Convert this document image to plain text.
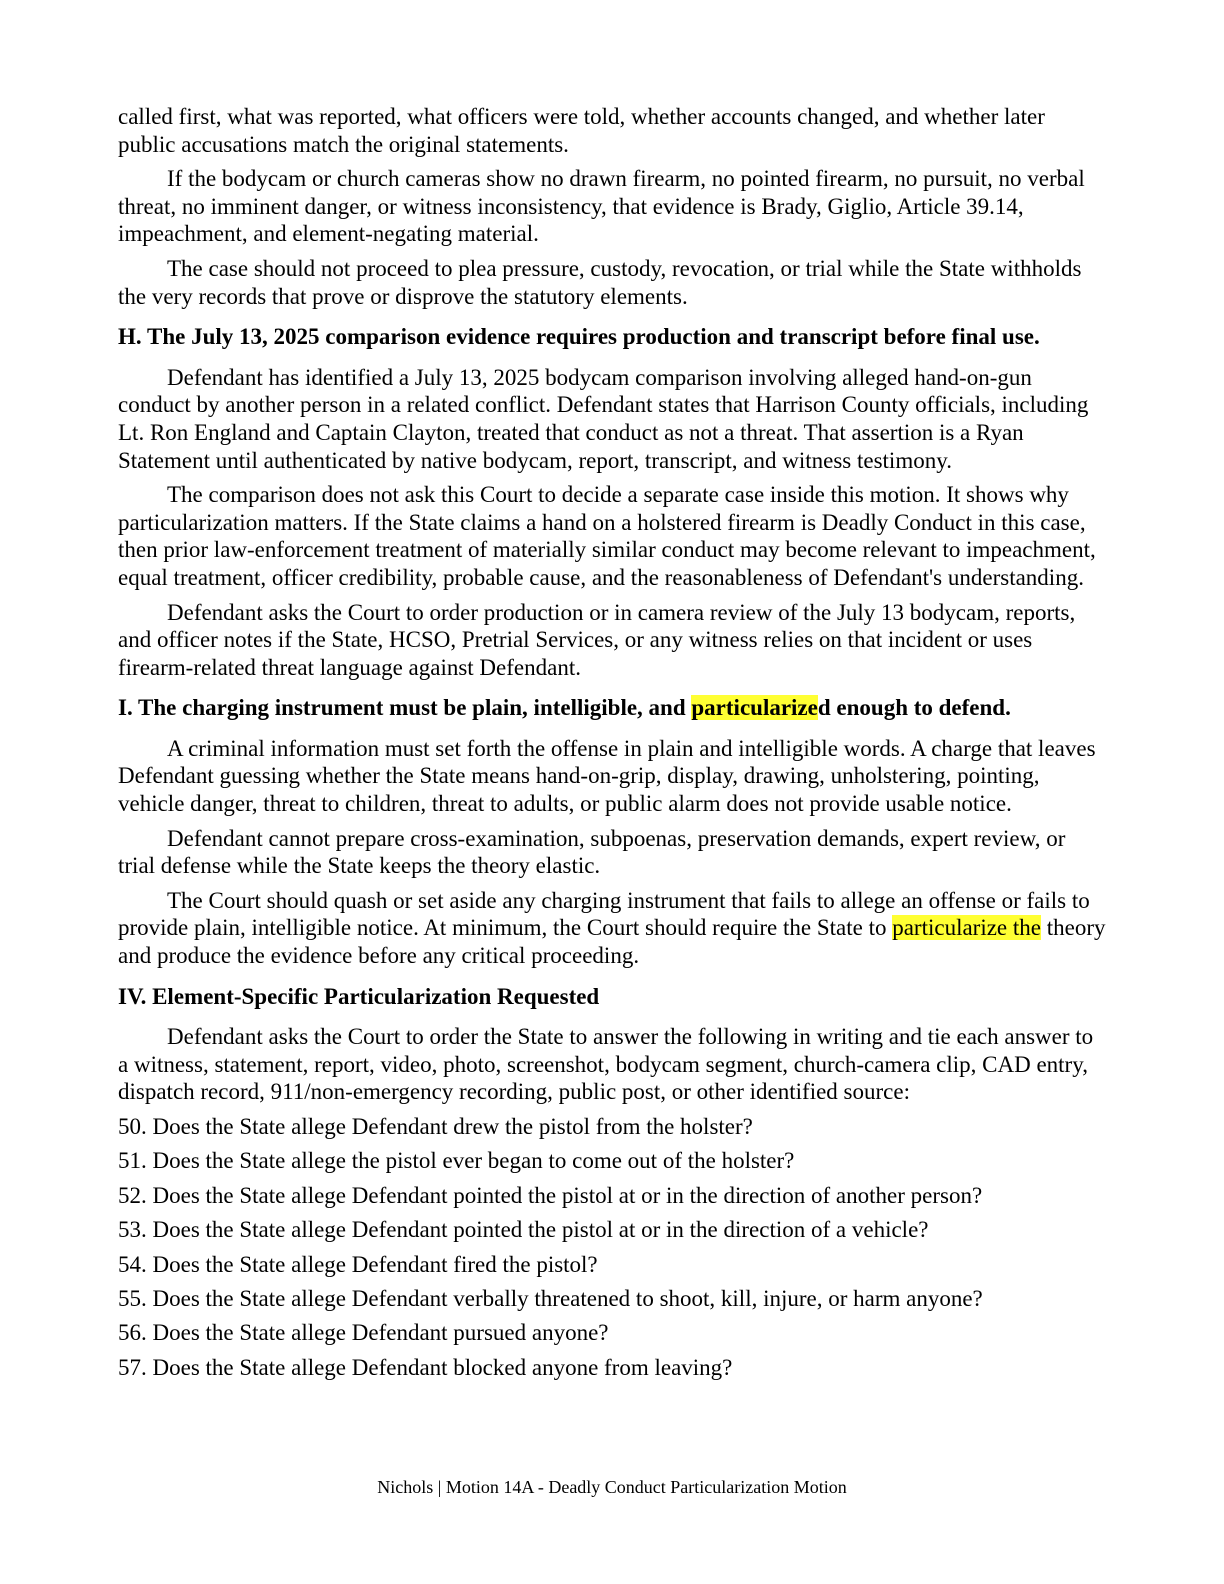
called first, what was reported, what officers were told, whether accounts changed, and whether later public accusations match the original statements.

If the bodycam or church cameras show no drawn firearm, no pointed firearm, no pursuit, no verbal threat, no imminent danger, or witness inconsistency, that evidence is Brady, Giglio, Article 39.14, impeachment, and element-negating material.

The case should not proceed to plea pressure, custody, revocation, or trial while the State withholds the very records that prove or disprove the statutory elements.

H. The July 13, 2025 comparison evidence requires production and transcript before final use.

Defendant has identified a July 13, 2025 bodycam comparison involving alleged hand-on-gun conduct by another person in a related conflict. Defendant states that Harrison County officials, including Lt. Ron England and Captain Clayton, treated that conduct as not a threat. That assertion is a Ryan Statement until authenticated by native bodycam, report, transcript, and witness testimony.

The comparison does not ask this Court to decide a separate case inside this motion. It shows why particularization matters. If the State claims a hand on a holstered firearm is Deadly Conduct in this case, then prior law-enforcement treatment of materially similar conduct may become relevant to impeachment, equal treatment, officer credibility, probable cause, and the reasonableness of Defendant's understanding.

Defendant asks the Court to order production or in camera review of the July 13 bodycam, reports, and officer notes if the State, HCSO, Pretrial Services, or any witness relies on that incident or uses firearm-related threat language against Defendant.

I. The charging instrument must be plain, intelligible, and particularized enough to defend.

A criminal information must set forth the offense in plain and intelligible words. A charge that leaves Defendant guessing whether the State means hand-on-grip, display, drawing, unholstering, pointing, vehicle danger, threat to children, threat to adults, or public alarm does not provide usable notice.

Defendant cannot prepare cross-examination, subpoenas, preservation demands, expert review, or trial defense while the State keeps the theory elastic.

The Court should quash or set aside any charging instrument that fails to allege an offense or fails to provide plain, intelligible notice. At minimum, the Court should require the State to particularize the theory and produce the evidence before any critical proceeding.

IV. Element-Specific Particularization Requested

Defendant asks the Court to order the State to answer the following in writing and tie each answer to a witness, statement, report, video, photo, screenshot, bodycam segment, church-camera clip, CAD entry, dispatch record, 911/non-emergency recording, public post, or other identified source:

50. Does the State allege Defendant drew the pistol from the holster?

51. Does the State allege the pistol ever began to come out of the holster?

52. Does the State allege Defendant pointed the pistol at or in the direction of another person?

53. Does the State allege Defendant pointed the pistol at or in the direction of a vehicle?

54. Does the State allege Defendant fired the pistol?

55. Does the State allege Defendant verbally threatened to shoot, kill, injure, or harm anyone?

56. Does the State allege Defendant pursued anyone?

57. Does the State allege Defendant blocked anyone from leaving?

Nichols | Motion 14A - Deadly Conduct Particularization Motion
